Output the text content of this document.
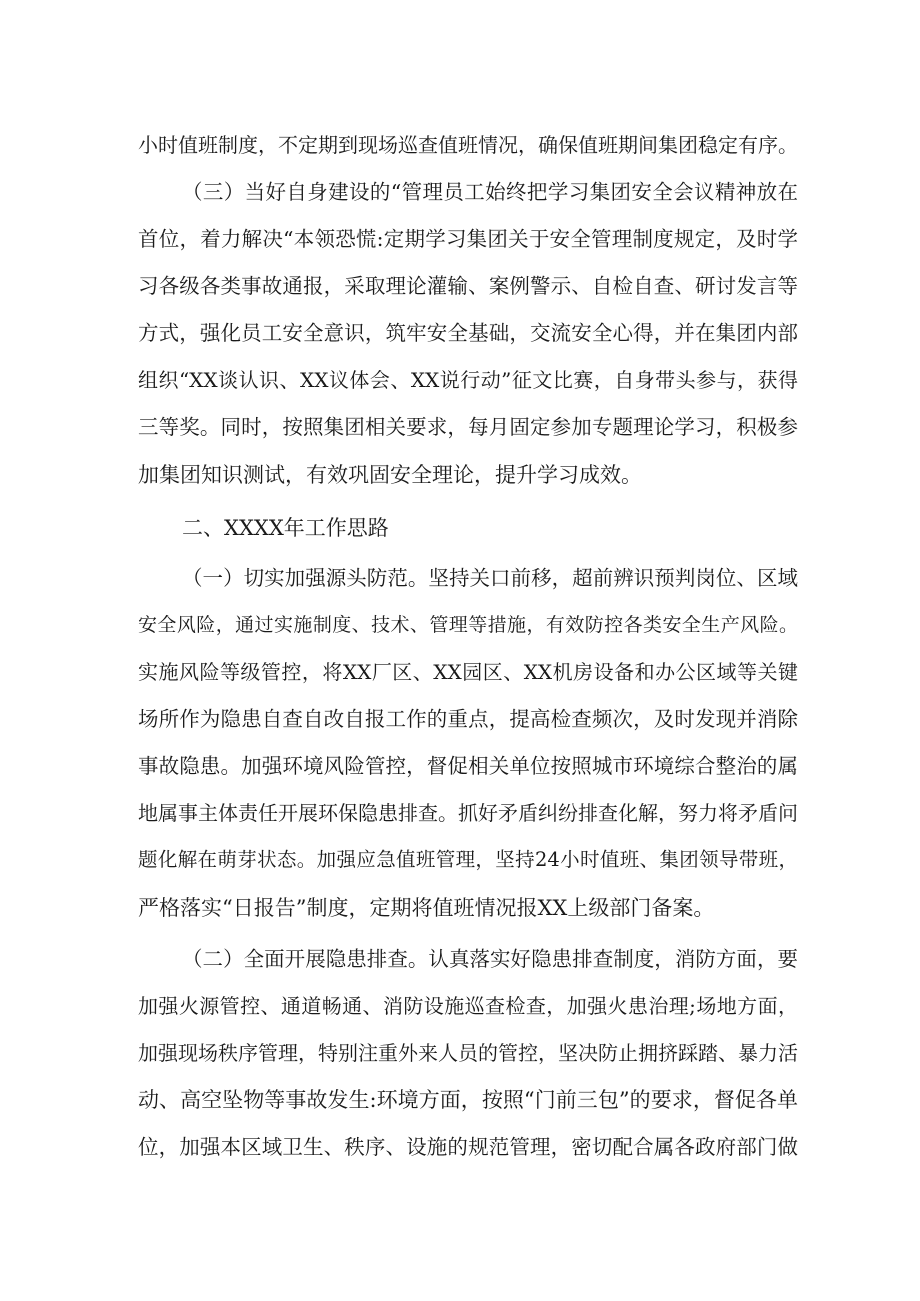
小时值班制度，不定期到现场巡查值班情况，确保值班期间集团稳定有序。
（三）当好自身建设的“管理员工始终把学习集团安全会议精神放在
首位，着力解决“本领恐慌:定期学习集团关于安全管理制度规定，及时学
习各级各类事故通报，采取理论灌输、案例警示、自检自查、研讨发言等
方式，强化员工安全意识，筑牢安全基础，交流安全心得，并在集团内部
组织“XX谈认识、XX议体会、XX说行动”征文比赛，自身带头参与，获得
三等奖。同时，按照集团相关要求，每月固定参加专题理论学习，积极参
加集团知识测试，有效巩固安全理论，提升学习成效。
二、XXXX年工作思路
（一）切实加强源头防范。坚持关口前移，超前辨识预判岗位、区域
安全风险，通过实施制度、技术、管理等措施，有效防控各类安全生产风险。
实施风险等级管控，将XX厂区、XX园区、XX机房设备和办公区域等关键
场所作为隐患自查自改自报工作的重点，提高检查频次，及时发现并消除
事故隐患。加强环境风险管控，督促相关单位按照城市环境综合整治的属
地属事主体责任开展环保隐患排查。抓好矛盾纠纷排查化解，努力将矛盾问
题化解在萌芽状态。加强应急值班管理，坚持24小时值班、集团领导带班，
严格落实“日报告”制度，定期将值班情况报XX上级部门备案。
（二）全面开展隐患排查。认真落实好隐患排查制度，消防方面，要
加强火源管控、通道畅通、消防设施巡查检查，加强火患治理;场地方面，
加强现场秩序管理，特别注重外来人员的管控，坚决防止拥挤踩踏、暴力活
动、高空坠物等事故发生:环境方面，按照“门前三包”的要求，督促各单
位，加强本区域卫生、秩序、设施的规范管理，密切配合属各政府部门做
